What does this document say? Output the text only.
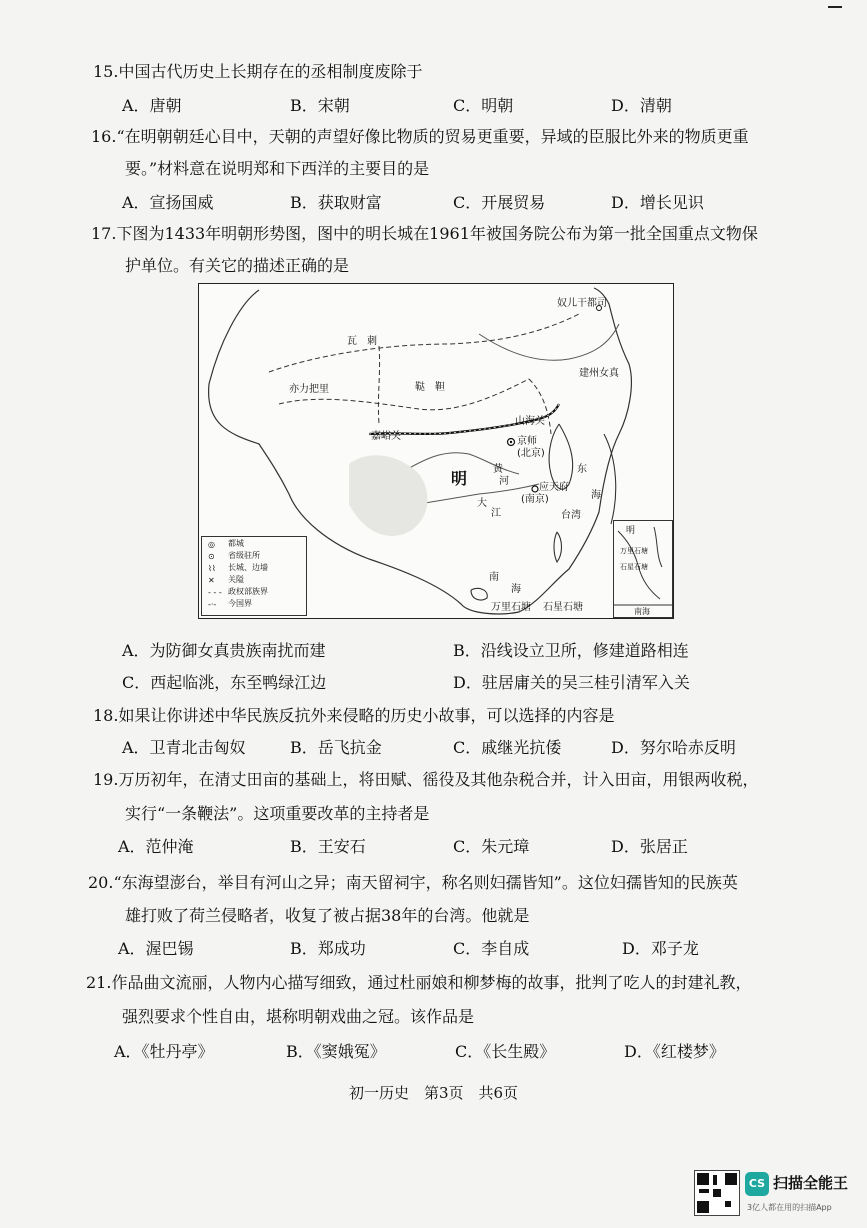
15.中国古代历史上长期存在的丞相制度废除于
A．唐朝	B．宋朝	C．明朝	D．清朝
16.“在明朝朝廷心目中，天朝的声望好像比物质的贸易更重要，异域的臣服比外来的物质更重
要。”材料意在说明郑和下西洋的主要目的是
A．宣扬国威	B．获取财富	C．开展贸易	D．增长见识
17.下图为1433年明朝形势图，图中的明长城在1961年被国务院公布为第一批全国重点文物保
护单位。有关它的描述正确的是
奴儿干都司
瓦　刺
亦力把里	鞑　靼
建州女真
嘉峪关
山海关
京师
(北京)
明	黄
河
大
江
应天府
(南京)
东
海
台湾
南
海
万里石塘 石星石塘
◎ 都城
⊙ 省级驻所
⌇⌇ 长城、边墙
✕ 关隘
- - - 政权部族界
-·- 今国界
明
万里石塘
石星石塘
南海
A．为防御女真贵族南扰而建	B．沿线设立卫所，修建道路相连
C．西起临洮，东至鸭绿江边	D．驻居庸关的吴三桂引清军入关
18.如果让你讲述中华民族反抗外来侵略的历史小故事，可以选择的内容是
A．卫青北击匈奴	B．岳飞抗金	C．戚继光抗倭	D．努尔哈赤反明
19.万历初年，在清丈田亩的基础上，将田赋、徭役及其他杂税合并，计入田亩，用银两收税，
实行“一条鞭法”。这项重要改革的主持者是
A．范仲淹	B．王安石	C．朱元璋	D．张居正
20.“东海望澎台，举目有河山之异；南天留祠宇，称名则妇孺皆知”。这位妇孺皆知的民族英
雄打败了荷兰侵略者，收复了被占据38年的台湾。他就是
A．渥巴锡	B．郑成功	C．李自成	D．邓子龙
21.作品曲文流丽，人物内心描写细致，通过杜丽娘和柳梦梅的故事，批判了吃人的封建礼教，
强烈要求个性自由，堪称明朝戏曲之冠。该作品是
A．《牡丹亭》	B．《窦娥冤》	C．《长生殿》	D．《红楼梦》
初一历史　第3页　共6页
CS 扫描全能王
3亿人都在用的扫描App
